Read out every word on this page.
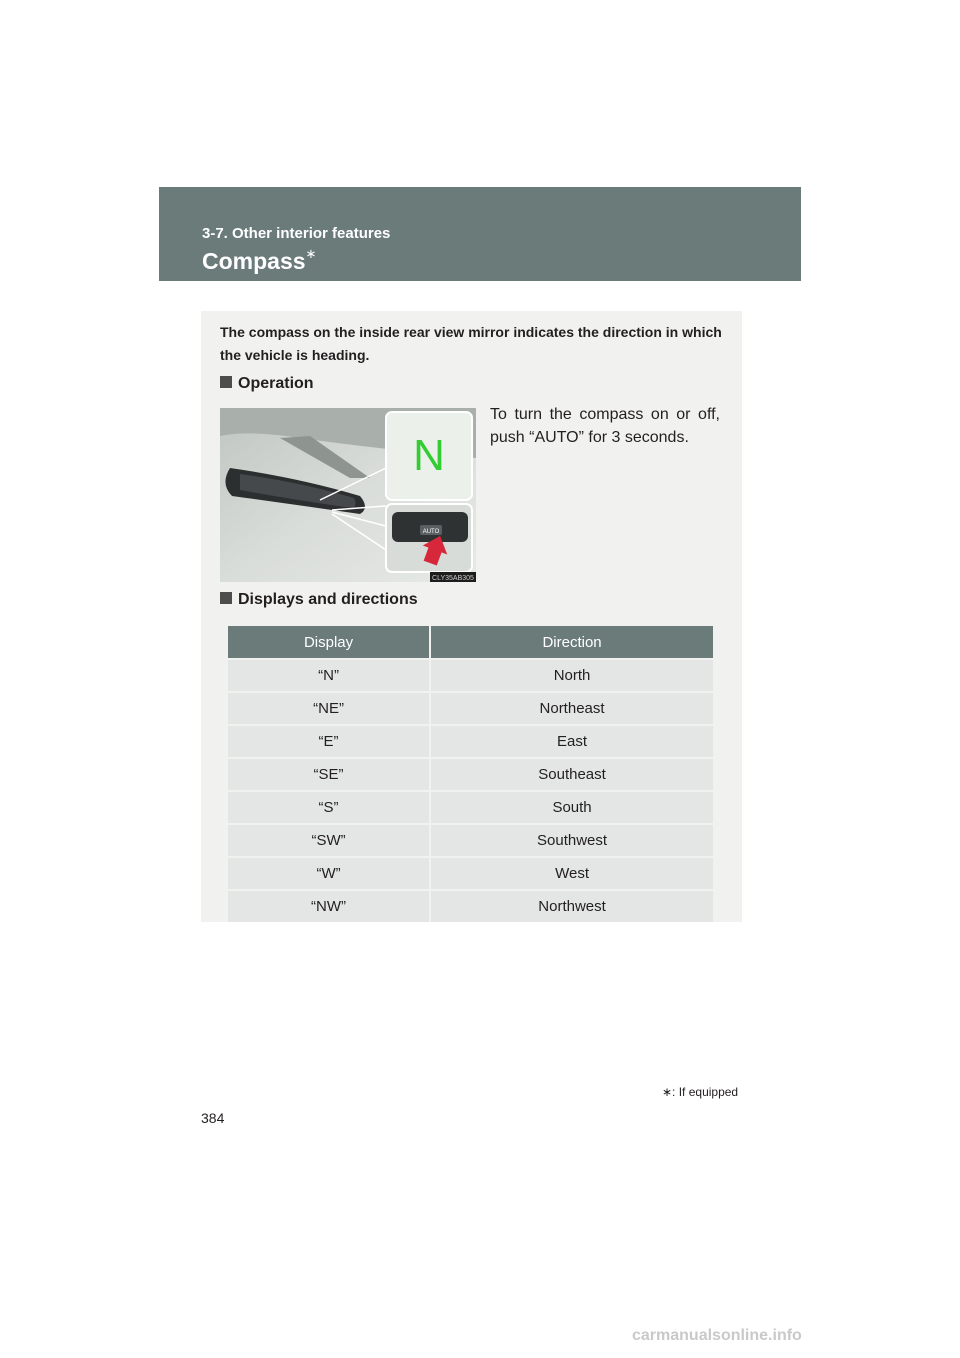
3-7. Other interior features
Compass∗
The compass on the inside rear view mirror indicates the direction in which the vehicle is heading.
Operation
To turn the compass on or off, push “AUTO” for 3 seconds.
N
AUTO
CLY35AB305
Displays and directions
Display	Direction
“N”	North
“NE”	Northeast
“E”	East
“SE”	Southeast
“S”	South
“SW”	Southwest
“W”	West
“NW”	Northwest
∗: If equipped
384
carmanualsonline.info
